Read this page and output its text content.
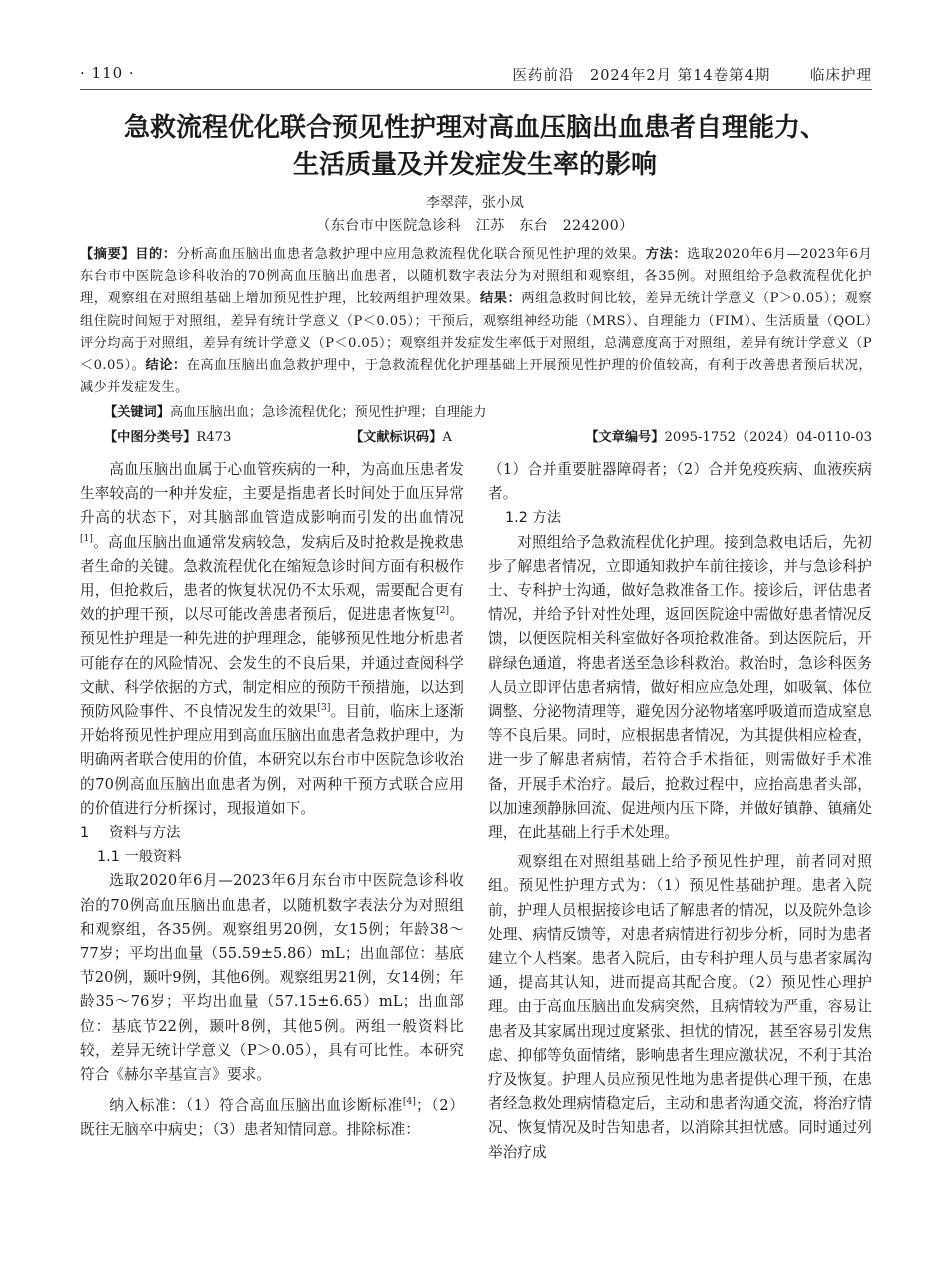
· 110 ·	医药前沿 2024年2月 第14卷第4期	临床护理
急救流程优化联合预见性护理对高血压脑出血患者自理能力、
生活质量及并发症发生率的影响
李翠萍，张小凤
（东台市中医院急诊科　江苏　东台　224200）
【摘要】目的：分析高血压脑出血患者急救护理中应用急救流程优化联合预见性护理的效果。方法：选取2020年6月—2023年6月东台市中医院急诊科收治的70例高血压脑出血患者，以随机数字表法分为对照组和观察组，各35例。对照组给予急救流程优化护理，观察组在对照组基础上增加预见性护理，比较两组护理效果。结果：两组急救时间比较，差异无统计学意义（P＞0.05）；观察组住院时间短于对照组，差异有统计学意义（P＜0.05）；干预后，观察组神经功能（MRS）、自理能力（FIM）、生活质量（QOL）评分均高于对照组，差异有统计学意义（P＜0.05）；观察组并发症发生率低于对照组，总满意度高于对照组，差异有统计学意义（P＜0.05）。结论：在高血压脑出血急救护理中，于急救流程优化护理基础上开展预见性护理的价值较高，有利于改善患者预后状况，减少并发症发生。
【关键词】高血压脑出血；急诊流程优化；预见性护理；自理能力
【中图分类号】R473	【文献标识码】A	【文章编号】2095-1752（2024）04-0110-03

高血压脑出血属于心血管疾病的一种，为高血压患者发生率较高的一种并发症，主要是指患者长时间处于血压异常升高的状态下，对其脑部血管造成影响而引发的出血情况[1]。高血压脑出血通常发病较急，发病后及时抢救是挽救患者生命的关键。急救流程优化在缩短急诊时间方面有积极作用，但抢救后，患者的恢复状况仍不太乐观，需要配合更有效的护理干预，以尽可能改善患者预后，促进患者恢复[2]。预见性护理是一种先进的护理理念，能够预见性地分析患者可能存在的风险情况、会发生的不良后果，并通过查阅科学文献、科学依据的方式，制定相应的预防干预措施，以达到预防风险事件、不良情况发生的效果[3]。目前，临床上逐渐开始将预见性护理应用到高血压脑出血患者急救护理中，为明确两者联合使用的价值，本研究以东台市中医院急诊收治的70例高血压脑出血患者为例，对两种干预方式联合应用的价值进行分析探讨，现报道如下。

1 资料与方法
1.1 一般资料

选取2020年6月—2023年6月东台市中医院急诊科收治的70例高血压脑出血患者，以随机数字表法分为对照组和观察组，各35例。观察组男20例，女15例；年龄38～77岁；平均出血量（55.59±5.86）mL；出血部位：基底节20例，颞叶9例，其他6例。观察组男21例，女14例；年龄35～76岁；平均出血量（57.15±6.65）mL；出血部位：基底节22例，颞叶8例，其他5例。两组一般资料比较，差异无统计学意义（P＞0.05），具有可比性。本研究符合《赫尔辛基宣言》要求。

纳入标准：（1）符合高血压脑出血诊断标准[4]；（2）既往无脑卒中病史；（3）患者知情同意。排除标准：

（1）合并重要脏器障碍者；（2）合并免疫疾病、血液疾病者。

1.2 方法

对照组给予急救流程优化护理。接到急救电话后，先初步了解患者情况，立即通知救护车前往接诊，并与急诊科护士、专科护士沟通，做好急救准备工作。接诊后，评估患者情况，并给予针对性处理，返回医院途中需做好患者情况反馈，以便医院相关科室做好各项抢救准备。到达医院后，开辟绿色通道，将患者送至急诊科救治。救治时，急诊科医务人员立即评估患者病情，做好相应应急处理，如吸氧、体位调整、分泌物清理等，避免因分泌物堵塞呼吸道而造成窒息等不良后果。同时，应根据患者情况，为其提供相应检查，进一步了解患者病情，若符合手术指征，则需做好手术准备，开展手术治疗。最后，抢救过程中，应抬高患者头部，以加速颈静脉回流、促进颅内压下降，并做好镇静、镇痛处理，在此基础上行手术处理。

观察组在对照组基础上给予预见性护理，前者同对照组。预见性护理方式为：（1）预见性基础护理。患者入院前，护理人员根据接诊电话了解患者的情况，以及院外急诊处理、病情反馈等，对患者病情进行初步分析，同时为患者建立个人档案。患者入院后，由专科护理人员与患者家属沟通，提高其认知，进而提高其配合度。（2）预见性心理护理。由于高血压脑出血发病突然，且病情较为严重，容易让患者及其家属出现过度紧张、担忧的情况，甚至容易引发焦虑、抑郁等负面情绪，影响患者生理应激状况，不利于其治疗及恢复。护理人员应预见性地为患者提供心理干预，在患者经急救处理病情稳定后，主动和患者沟通交流，将治疗情况、恢复情况及时告知患者，以消除其担忧感。同时通过列举治疗成
